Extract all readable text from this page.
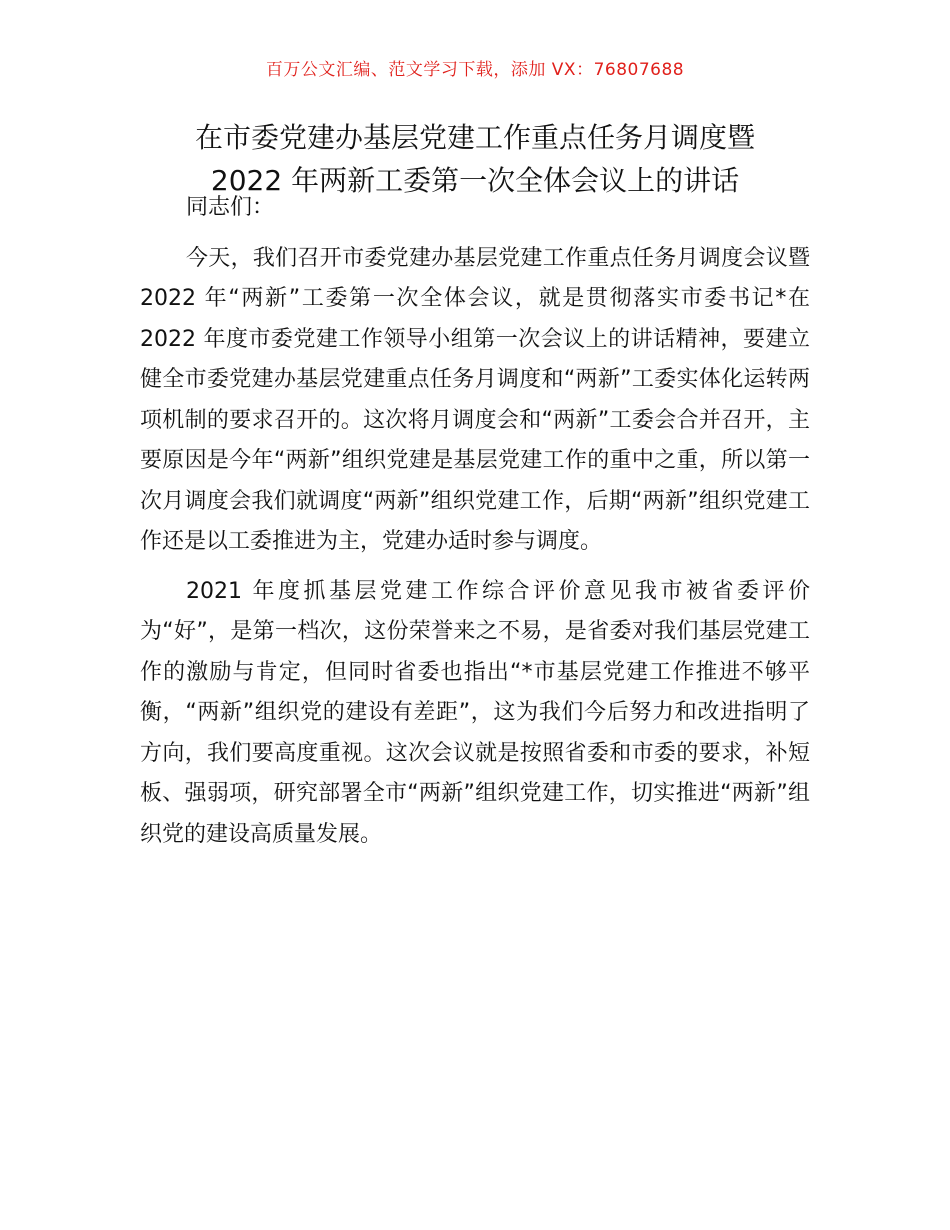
百万公文汇编、范文学习下载，添加 VX：76807688
在市委党建办基层党建工作重点任务月调度暨
2022 年两新工委第一次全体会议上的讲话

同志们：

今天，我们召开市委党建办基层党建工作重点任务月调度会议暨 2022 年“两新”工委第一次全体会议，就是贯彻落实市委书记*在 2022 年度市委党建工作领导小组第一次会议上的讲话精神，要建立健全市委党建办基层党建重点任务月调度和“两新”工委实体化运转两项机制的要求召开的。这次将月调度会和“两新”工委会合并召开，主要原因是今年“两新”组织党建是基层党建工作的重中之重，所以第一次月调度会我们就调度“两新”组织党建工作，后期“两新”组织党建工作还是以工委推进为主，党建办适时参与调度。

2021 年度抓基层党建工作综合评价意见我市被省委评价为“好”，是第一档次，这份荣誉来之不易，是省委对我们基层党建工作的激励与肯定，但同时省委也指出“*市基层党建工作推进不够平衡，“两新”组织党的建设有差距”，这为我们今后努力和改进指明了方向，我们要高度重视。这次会议就是按照省委和市委的要求，补短板、强弱项，研究部署全市“两新”组织党建工作，切实推进“两新”组织党的建设高质量发展。
